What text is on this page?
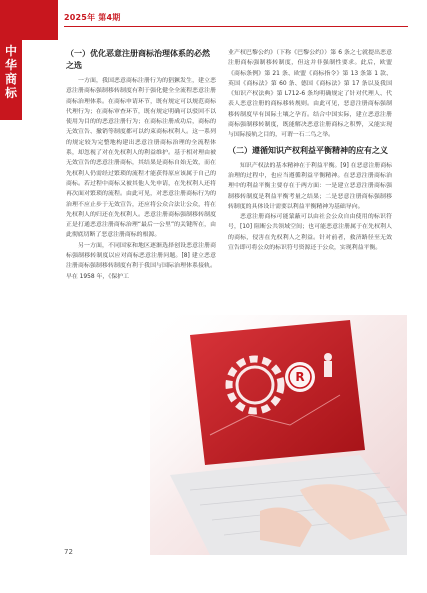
2025年 第4期
中
华
商
标
（一）优化恶意注册商标治理体系的必然之选

一方面，我国恶意商标注册行为的猖獗发生，建立恶意注册商标强制移转制度有利于强化健全全流程恶意注册商标治理体系。在商标申请环节，既有规定可以规范商标代理行为；在商标审查环节，既有规定明确可以驳回不以使用为目的的恶意注册行为；在商标注册成功后，商标的无效宣告、撤销等制度都可以约束商标权利人。这一系列的规定较为完整地构建出恶意注册商标治理的全流程体系，却忽视了对在先权利人的利益维护。基于相对理由被无效宣告的恶意注册商标，其结果是商标自始无效，而在先权利人仍需经过繁琐的流程才能获得原应该属于自己的商标。若过程中商标又被其他人先申请，在先权利人还将再次面对繁琐的流程。由此可见，对恶意注册商标行为的治理不应止步于无效宣告，还应将公众合法让公众，将在先权利人的归还在先权利人。恶意注册商标强制移转制度正是打通恶意注册商标治理“最后一公里”的关键所在，由此彻底切断了恶意注册商标的根源。

另一方面，不同国家和地区逐渐选择创设恶意注册商标强制移转制度以应对商标恶意注册问题。[8] 建立恶意注册商标强制移转制度有利于我国与国际治理体系接轨。早在 1958 年，《保护工

业产权巴黎公约》（下称《巴黎公约》）第 6 条之七就提出恶意注册商标强制移转制度，但这并非强制性要求。此后，欧盟《商标条例》第 21 条、欧盟《商标指令》第 13 条第 1 款、英国《商标法》第 60 条、德国《商标法》第 17 条以及我国《知识产权法典》第 L712-6 条均明确规定了针对代理人、代表人恶意注册的商标移转规则。由此可见，恶意注册商标强制移转制度早有国际土壤之孕育。结合中国实际，建立恶意注册商标强制移转制度，既能解决恶意注册商标之积弊，又能实现与国际接轨之目的，可谓一石二鸟之举。

（二）遵循知识产权利益平衡精神的应有之义

知识产权法的基本精神在于利益平衡。[9] 在恶意注册商标治理的过程中，也应当遵循利益平衡精神。在恶意注册商标治理中的利益平衡主要存在于两方面：一是建立恶意注册商标强制移转制度是利益平衡考量之结果；二是恶意注册商标强制移转制度的具体设计需要以利益平衡精神为基础导向。

恶意注册商标可能蒙蔽可以由社会公众自由使用的标识符号，[10] 阻断公共领域空间；也可能恶意注册属于在先权利人的商标，侵害在先权利人之利益。针对前者，救济路径至无效宣告即可将公众的标识符号资源还于公众，实现利益平衡。

R
72
